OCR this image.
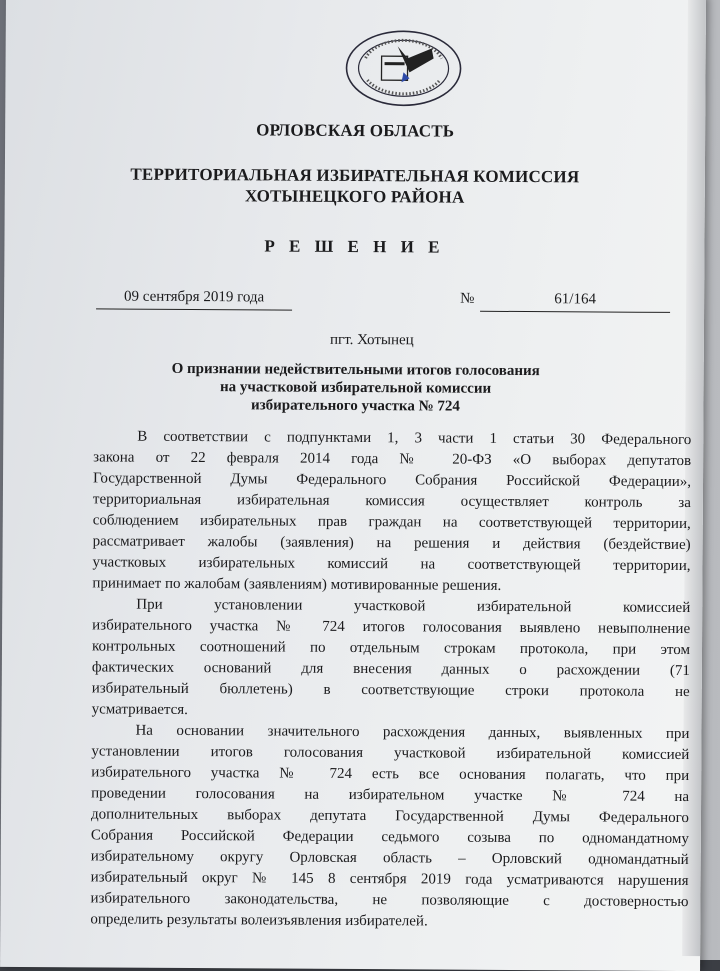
ОРЛОВСКАЯ ОБЛАСТЬ
ТЕРРИТОРИАЛЬНАЯ ИЗБИРАТЕЛЬНАЯ КОМИССИЯ
ХОТЫНЕЦКОГО РАЙОНА
Р Е Ш Е Н И Е
09 сентября 2019 года	№	61/164
пгт. Хотынец
О признании недействительными итогов голосования
на участковой избирательной комиссии
избирательного участка № 724
В соответствии с подпунктами 1, 3 части 1 статьи 30 Федерального
закона от 22 февраля 2014 года № 20-ФЗ «О выборах депутатов
Государственной Думы Федерального Собрания Российской Федерации»,
территориальная избирательная комиссия осуществляет контроль за
соблюдением избирательных прав граждан на соответствующей территории,
рассматривает жалобы (заявления) на решения и действия (бездействие)
участковых избирательных комиссий на соответствующей территории,
принимает по жалобам (заявлениям) мотивированные решения.
При установлении участковой избирательной комиссией
избирательного участка № 724 итогов голосования выявлено невыполнение
контрольных соотношений по отдельным строкам протокола, при этом
фактических оснований для внесения данных о расхождении (71
избирательный бюллетень) в соответствующие строки протокола не
усматривается.
На основании значительного расхождения данных, выявленных при
установлении итогов голосования участковой избирательной комиссией
избирательного участка № 724 есть все основания полагать, что при
проведении голосования на избирательном участке № 724 на
дополнительных выборах депутата Государственной Думы Федерального
Собрания Российской Федерации седьмого созыва по одномандатному
избирательному округу Орловская область – Орловский одномандатный
избирательный округ № 145 8 сентября 2019 года усматриваются нарушения
избирательного законодательства, не позволяющие с достоверностью
определить результаты волеизъявления избирателей.
